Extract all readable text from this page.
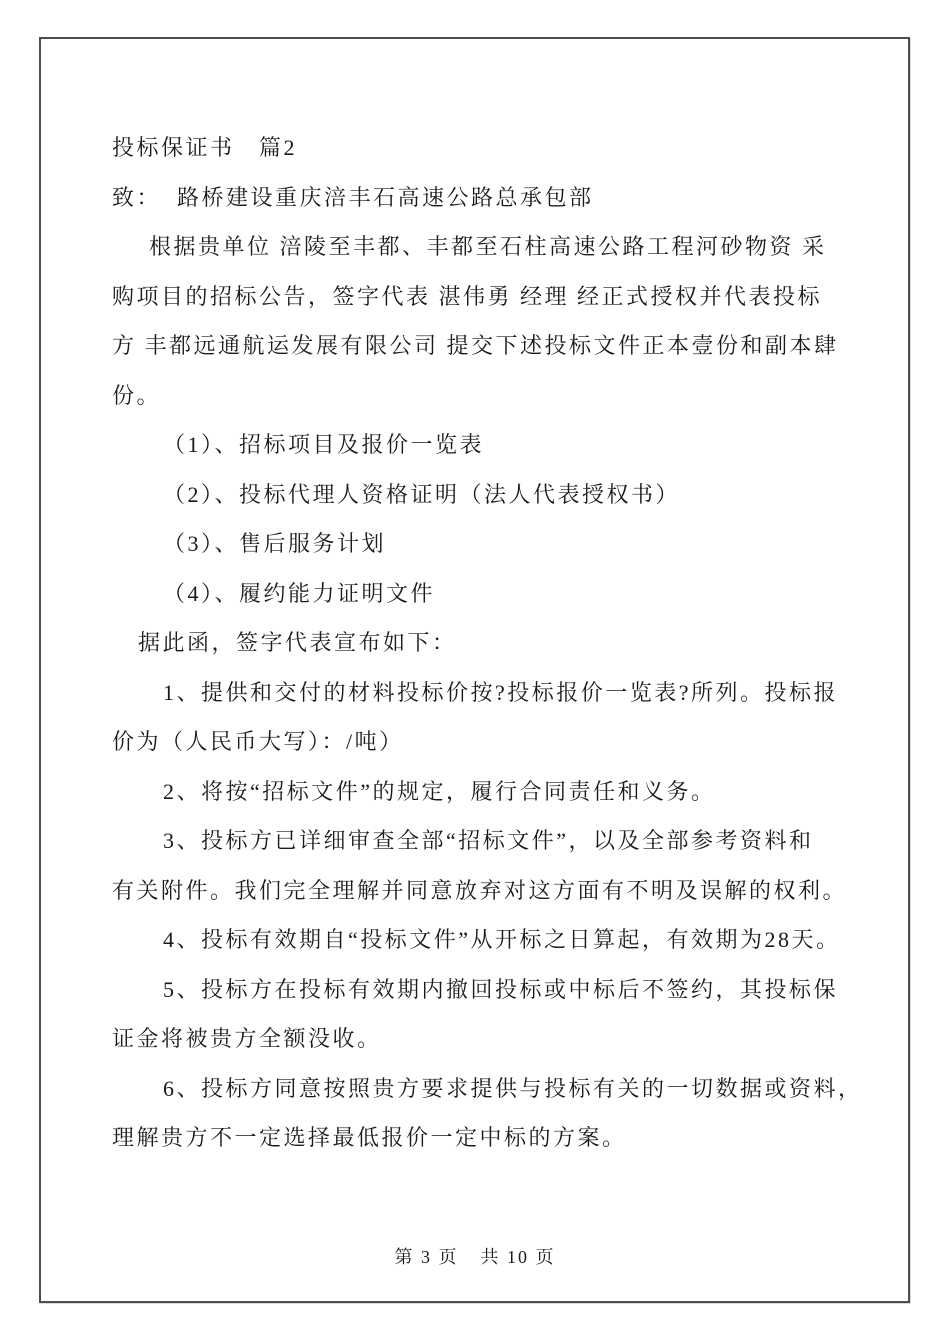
投标保证书　篇2
致：  路桥建设重庆涪丰石高速公路总承包部
根据贵单位 涪陵至丰都、丰都至石柱高速公路工程河砂物资 采
购项目的招标公告，签字代表 湛伟勇 经理 经正式授权并代表投标
方 丰都远通航运发展有限公司 提交下述投标文件正本壹份和副本肆
份。
（1）、招标项目及报价一览表
（2）、投标代理人资格证明（法人代表授权书）
（3）、售后服务计划
（4）、履约能力证明文件
据此函，签字代表宣布如下：
1、提供和交付的材料投标价按?投标报价一览表?所列。投标报
价为（人民币大写）：/吨）
2、将按“招标文件”的规定，履行合同责任和义务。
3、投标方已详细审查全部“招标文件”，以及全部参考资料和
有关附件。我们完全理解并同意放弃对这方面有不明及误解的权利。
4、投标有效期自“投标文件”从开标之日算起，有效期为28天。
5、投标方在投标有效期内撤回投标或中标后不签约，其投标保
证金将被贵方全额没收。
6、投标方同意按照贵方要求提供与投标有关的一切数据或资料，
理解贵方不一定选择最低报价一定中标的方案。
第 3 页 共 10 页
